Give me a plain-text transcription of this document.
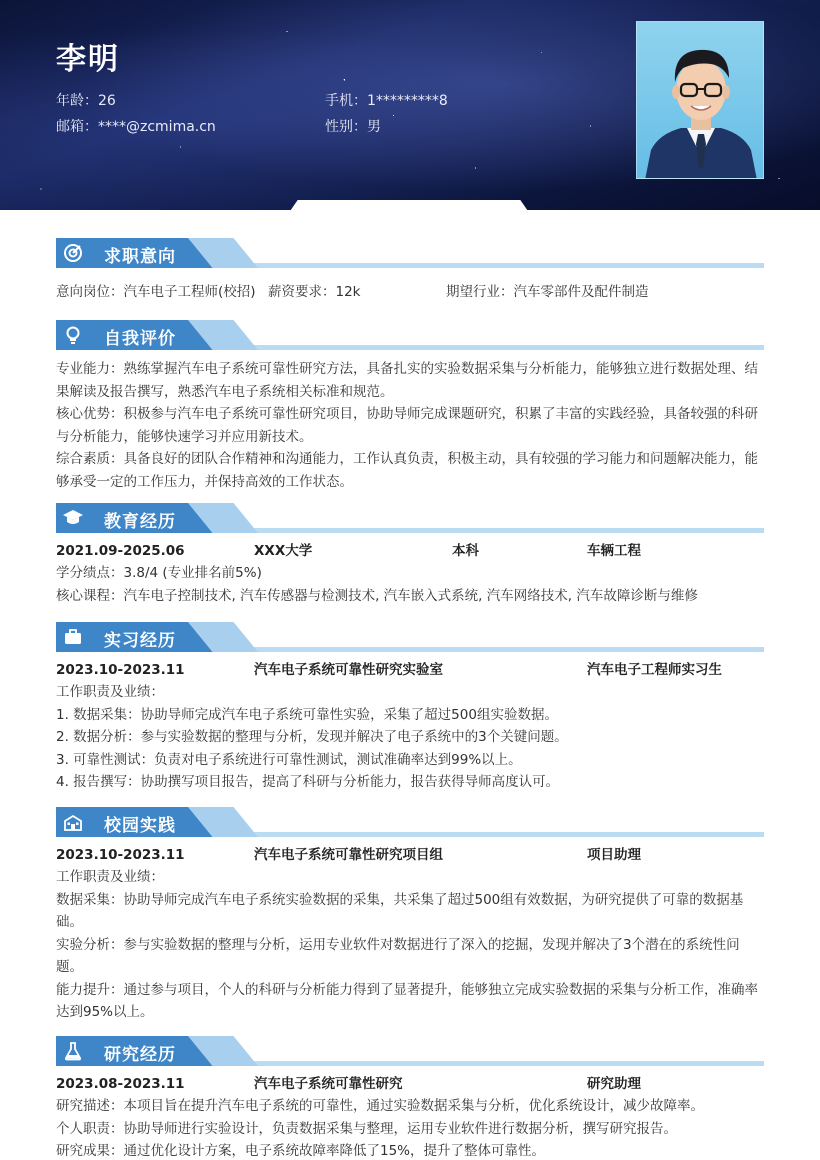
李明
年龄：26	手机：1*********8
邮箱：****@zcmima.cn	性别：男
求职意向
意向岗位：汽车电子工程师(校招) 薪资要求：12k	期望行业：汽车零部件及配件制造
自我评价

专业能力：熟练掌握汽车电子系统可靠性研究方法，具备扎实的实验数据采集与分析能力，能够独立进行数据处理、结果解读及报告撰写，熟悉汽车电子系统相关标准和规范。

核心优势：积极参与汽车电子系统可靠性研究项目，协助导师完成课题研究，积累了丰富的实践经验，具备较强的科研与分析能力，能够快速学习并应用新技术。

综合素质：具备良好的团队合作精神和沟通能力，工作认真负责，积极主动，具有较强的学习能力和问题解决能力，能够承受一定的工作压力，并保持高效的工作状态。

教育经历
2021.09-2025.06	XXX大学	本科	车辆工程

学分绩点：3.8/4 (专业排名前5%)

核心课程：汽车电子控制技术, 汽车传感器与检测技术, 汽车嵌入式系统, 汽车网络技术, 汽车故障诊断与维修

实习经历
2023.10-2023.11	汽车电子系统可靠性研究实验室	汽车电子工程师实习生

工作职责及业绩：

1. 数据采集：协助导师完成汽车电子系统可靠性实验，采集了超过500组实验数据。

2. 数据分析：参与实验数据的整理与分析，发现并解决了电子系统中的3个关键问题。

3. 可靠性测试：负责对电子系统进行可靠性测试，测试准确率达到99%以上。

4. 报告撰写：协助撰写项目报告，提高了科研与分析能力，报告获得导师高度认可。

校园实践
2023.10-2023.11	汽车电子系统可靠性研究项目组	项目助理

工作职责及业绩：

数据采集：协助导师完成汽车电子系统实验数据的采集，共采集了超过500组有效数据，为研究提供了可靠的数据基础。

实验分析：参与实验数据的整理与分析，运用专业软件对数据进行了深入的挖掘，发现并解决了3个潜在的系统性问题。

能力提升：通过参与项目，个人的科研与分析能力得到了显著提升，能够独立完成实验数据的采集与分析工作，准确率达到95%以上。

研究经历
2023.08-2023.11	汽车电子系统可靠性研究	研究助理

研究描述：本项目旨在提升汽车电子系统的可靠性，通过实验数据采集与分析，优化系统设计，减少故障率。

个人职责：协助导师进行实验设计，负责数据采集与整理，运用专业软件进行数据分析，撰写研究报告。

研究成果：通过优化设计方案，电子系统故障率降低了15%，提升了整体可靠性。
